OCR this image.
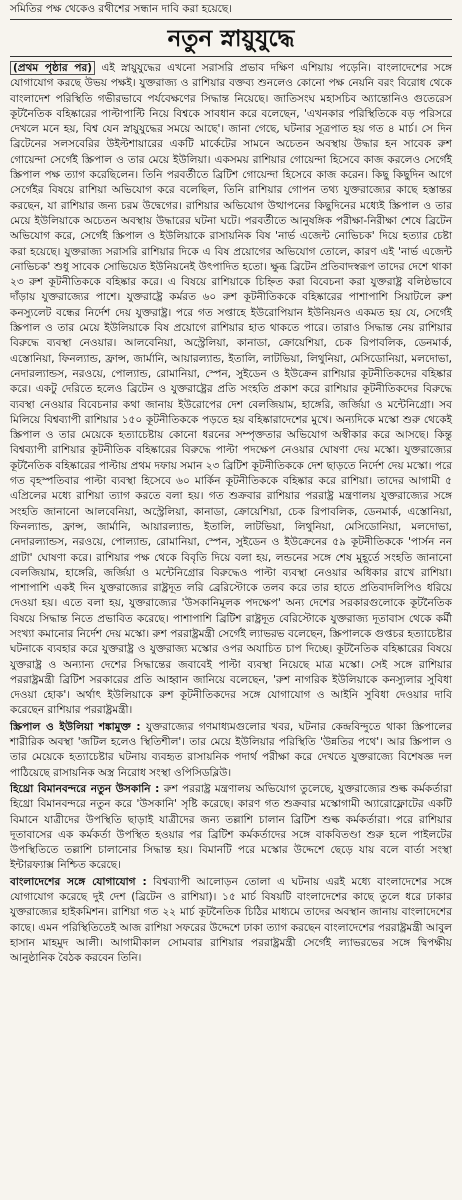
সমিতির পক্ষ থেকেও রথীশের সন্ধান দাবি করা হয়েছে।
নতুন স্নায়ুযুদ্ধে

(প্রথম পৃষ্ঠার পর) এই স্নায়ুযুদ্ধের এখনো সরাসরি প্রভাব দক্ষিণ এশিয়ায় পড়েনি। বাংলাদেশের সঙ্গে যোগাযোগ করছে উভয় পক্ষই। যুক্তরাজ্য ও রাশিয়ার বক্তব্য শুনলেও কোনো পক্ষ নেয়নি বরং বিরোধ থেকে বাংলাদেশ পরিস্থিতি গভীরভাবে পর্যবেক্ষণের সিদ্ধান্ত নিয়েছে। জাতিসংঘ মহাসচিব অ্যান্তোনিও গুতেরেস কূটনৈতিক বহিষ্কারের পাল্টাপাল্টি নিয়ে বিশ্বকে সাবধান করে বলেছেন, 'এখনকার পরিস্থিতিকে বড় পরিসরে দেখলে মনে হয়, বিশ্ব যেন স্নায়ুযুদ্ধের সময়ে আছে'। জানা গেছে, ঘটনার সূত্রপাত হয় গত ৪ মার্চ। সে দিন ব্রিটেনের সলসবেরির উইল্টশায়ারের একটি মার্কেটের সামনে অচেতন অবস্থায় উদ্ধার হন সাবেক রুশ গোয়েন্দা সের্গেই স্ক্রিপাল ও তার মেয়ে ইউলিয়া। একসময় রাশিয়ার গোয়েন্দা হিসেবে কাজ করলেও সের্গেই স্ক্রিপাল পক্ষ ত্যাগ করেছিলেন। তিনি পরবর্তীতে ব্রিটিশ গোয়েন্দা হিসেবে কাজ করেন। কিছু কিছুদিন আগে সের্গেইর বিষয়ে রাশিয়া অভিযোগ করে বলেছিল, তিনি রাশিয়ার গোপন তথ্য যুক্তরাজ্যের কাছে হস্তান্তর করছেন, যা রাশিয়ার জন্য চরম উদ্বেগের। রাশিয়ার অভিযোগ উত্থাপনের কিছুদিনের মধ্যেই স্ক্রিপাল ও তার মেয়ে ইউলিয়াকে অচেতন অবস্থায় উদ্ধারের ঘটনা ঘটে। পরবর্তীতে আনুষঙ্গিক পরীক্ষা-নিরীক্ষা শেষে ব্রিটেন অভিযোগ করে, সের্গেই স্ক্রিপাল ও ইউলিয়াকে রাসায়নিক বিষ 'নার্ভ এজেন্ট নোভিচক' দিয়ে হত্যার চেষ্টা করা হয়েছে। যুক্তরাজ্য সরাসরি রাশিয়ার দিকে এ বিষ প্রয়োগের অভিযোগ তোলে, কারণ এই 'নার্ভ এজেন্ট নোভিচক' শুধু সাবেক সোভিয়েত ইউনিয়নেই উৎপাদিত হতো। ক্ষুব্ধ ব্রিটেন প্রতিবাদস্বরূপ তাদের দেশে থাকা ২৩ রুশ কূটনীতিককে বহিষ্কার করে। এ বিষয়ে রাশিয়াকে চিহ্নিত করা বিবেচনা করা যুক্তরাষ্ট্র বলিষ্ঠভাবে দাঁড়ায় যুক্তরাজ্যের পাশে। যুক্তরাষ্ট্রে কর্মরত ৬০ রুশ কূটনীতিককে বহিষ্কারের পাশাপাশি সিয়াটলে রুশ কনস্যুলেট বন্ধের নির্দেশ দেয় যুক্তরাষ্ট্র। পরে গত সপ্তাহে ইউরোপিয়ান ইউনিয়নও একমত হয় যে, সের্গেই স্ক্রিপাল ও তার মেয়ে ইউলিয়াকে বিষ প্রয়োগে রাশিয়ার হাত থাকতে পারে। তারাও সিদ্ধান্ত নেয় রাশিয়ার বিরুদ্ধে ব্যবস্থা নেওয়ার। আলবেনিয়া, অস্ট্রেলিয়া, কানাডা, ক্রোয়েশিয়া, চেক রিপাবলিক, ডেনমার্ক, এস্তোনিয়া, ফিনল্যান্ড, ফ্রান্স, জার্মানি, আয়ারল্যান্ড, ইতালি, লাটভিয়া, লিথুনিয়া, মেসিডোনিয়া, মলদোভা, নেদারল্যান্ডস, নরওয়ে, পোল্যান্ড, রোমানিয়া, স্পেন, সুইডেন ও ইউক্রেন রাশিয়ার কূটনীতিকদের বহিষ্কার করে। একটু দেরিতে হলেও ব্রিটেন ও যুক্তরাষ্ট্রের প্রতি সংহতি প্রকাশ করে রাশিয়ার কূটনীতিকদের বিরুদ্ধে ব্যবস্থা নেওয়ার বিবেচনার কথা জানায় ইউরোপের দেশ বেলজিয়াম, হাঙ্গেরি, জর্জিয়া ও মন্টেনিগ্রো। সব মিলিয়ে বিশ্বব্যাপী রাশিয়ার ১৫০ কূটনীতিককে পড়তে হয় বহিষ্কারাদেশের মুখে। অন্যদিকে মস্কো শুরু থেকেই স্ক্রিপাল ও তার মেয়েকে হত্যাচেষ্টায় কোনো ধরনের সম্পৃক্ততার অভিযোগ অস্বীকার করে আসছে। কিন্তু বিশ্বব্যাপী রাশিয়ার কূটনীতিক বহিষ্কারের বিরুদ্ধে পাল্টা পদক্ষেপ নেওয়ার ঘোষণা দেয় মস্কো। যুক্তরাজ্যের কূটনৈতিক বহিষ্কারের পাল্টায় প্রথম দফায় সমান ২৩ ব্রিটিশ কূটনীতিককে দেশ ছাড়তে নির্দেশ দেয় মস্কো। পরে গত বৃহস্পতিবার পাল্টা ব্যবস্থা হিসেবে ৬০ মার্কিন কূটনীতিককে বহিষ্কার করে রাশিয়া। তাদের আগামী ৫ এপ্রিলের মধ্যে রাশিয়া ত্যাগ করতে বলা হয়। গত শুক্রবার রাশিয়ার পররাষ্ট্র মন্ত্রণালয় যুক্তরাজ্যের সঙ্গে সংহতি জানানো আলবেনিয়া, অস্ট্রেলিয়া, কানাডা, ক্রোয়েশিয়া, চেক রিপাবলিক, ডেনমার্ক, এস্তোনিয়া, ফিনল্যান্ড, ফ্রান্স, জার্মানি, আয়ারল্যান্ড, ইতালি, লাটভিয়া, লিথুনিয়া, মেসিডোনিয়া, মলদোভা, নেদারল্যান্ডস, নরওয়ে, পোল্যান্ড, রোমানিয়া, স্পেন, সুইডেন ও ইউক্রেনের ৫৯ কূটনীতিককে 'পার্সন নন গ্রাটা' ঘোষণা করে। রাশিয়ার পক্ষ থেকে বিবৃতি দিয়ে বলা হয়, লন্ডনের সঙ্গে শেষ মুহূর্তে সংহতি জানানো বেলজিয়াম, হাঙ্গেরি, জর্জিয়া ও মন্টেনিগ্রোর বিরুদ্ধেও পাল্টা ব্যবস্থা নেওয়ার অধিকার রাখে রাশিয়া। পাশাপাশি একই দিন যুক্তরাজ্যের রাষ্ট্রদূত লরি ব্রেরিস্টোকে তলব করে তার হাতে প্রতিবাদলিপিও ধরিয়ে দেওয়া হয়। এতে বলা হয়, যুক্তরাজ্যের 'উসকানিমূলক পদক্ষেপ' অন্য দেশের সরকারগুলোকে কূটনৈতিক বিষয়ে সিদ্ধান্ত নিতে প্রভাবিত করেছে। পাশাপাশি ব্রিটিশ রাষ্ট্রদূত বেরিস্টোকে যুক্তরাজ্য দূতাবাস থেকে কর্মী সংখ্যা কমানোর নির্দেশ দেয় মস্কো। রুশ পররাষ্ট্রমন্ত্রী সের্গেই ল্যাভরভ বলেছেন, স্ক্রিপালকে গুপ্তচর হত্যাচেষ্টার ঘটনাকে ব্যবহার করে যুক্তরাষ্ট্র ও যুক্তরাজ্য মস্কোর ওপর অযাচিত চাপ দিচ্ছে। কূটনৈতিক বহিষ্কারের বিষয়ে যুক্তরাষ্ট্র ও অন্যান্য দেশের সিদ্ধান্তের জবাবেই পাল্টা ব্যবস্থা নিয়েছে মাত্র মস্কো। সেই সঙ্গে রাশিয়ার পররাষ্ট্রমন্ত্রী ব্রিটিশ সরকারের প্রতি আহ্বান জানিয়ে বলেছেন, 'রুশ নাগরিক ইউলিয়াকে কনস্যুলার সুবিধা দেওয়া হোক'। অর্থাৎ ইউলিয়াকে রুশ কূটনীতিকদের সঙ্গে যোগাযোগ ও আইনি সুবিধা দেওয়ার দাবি করেছেন রাশিয়ার পররাষ্ট্রমন্ত্রী।

স্ক্রিপাল ও ইউলিয়া শঙ্কামুক্ত : যুক্তরাজ্যের গণমাধ্যমগুলোর খবর, ঘটনার কেন্দ্রবিন্দুতে থাকা স্ক্রিপালের শারীরিক অবস্থা 'জটিল হলেও স্থিতিশীল'। তার মেয়ে ইউলিয়ার পরিস্থিতি 'উন্নতির পথে'। আর স্ক্রিপাল ও তার মেয়েকে হত্যাচেষ্টার ঘটনায় ব্যবহৃত রাসায়নিক পদার্থ পরীক্ষা করে দেখতে যুক্তরাজ্যে বিশেষজ্ঞ দল পাঠিয়েছে রাসায়নিক অস্ত্র নিরোধ সংস্থা ওপিসিডব্লিউ।

হিথ্রো বিমানবন্দরে নতুন উসকানি : রুশ পররাষ্ট্র মন্ত্রণালয় অভিযোগ তুলেছে, যুক্তরাজ্যের শুল্ক কর্মকর্তারা হিথ্রো বিমানবন্দরে নতুন করে 'উসকানি' সৃষ্টি করেছে। কারণ গত শুক্রবার মস্কোগামী অ্যারোফ্লোটের একটি বিমানে যাত্রীদের উপস্থিতি ছাড়াই যাত্রীদের জন্য তল্লাশি চালান ব্রিটিশ শুল্ক কর্মকর্তারা। পরে রাশিয়ার দূতাবাসের এক কর্মকর্তা উপস্থিত হওয়ার পর ব্রিটিশ কর্মকর্তাদের সঙ্গে বাকবিতণ্ডা শুরু হলে পাইলটের উপস্থিতিতে তল্লাশি চালানোর সিদ্ধান্ত হয়। বিমানটি পরে মস্কোর উদ্দেশে ছেড়ে যায় বলে বার্তা সংস্থা ইন্টারফ্যাক্স নিশ্চিত করেছে।

বাংলাদেশের সঙ্গে যোগাযোগ : বিশ্বব্যাপী আলোড়ন তোলা এ ঘটনায় এরই মধ্যে বাংলাদেশের সঙ্গে যোগাযোগ করেছে দুই দেশ (ব্রিটেন ও রাশিয়া)। ১৫ মার্চ বিষয়টি বাংলাদেশের কাছে তুলে ধরে ঢাকার যুক্তরাজ্যের হাইকমিশন। রাশিয়া গত ২২ মার্চ কূটনৈতিক চিঠির মাধ্যমে তাদের অবস্থান জানায় বাংলাদেশের কাছে। এমন পরিস্থিতিতেই আজ রাশিয়া সফরের উদ্দেশে ঢাকা ত্যাগ করছেন বাংলাদেশের পররাষ্ট্রমন্ত্রী আবুল হাসান মাহমুদ আলী। আগামীকাল সোমবার রাশিয়ার পররাষ্ট্রমন্ত্রী সের্গেই ল্যাভরভের সঙ্গে দ্বিপক্ষীয় আনুষ্ঠানিক বৈঠক করবেন তিনি।
